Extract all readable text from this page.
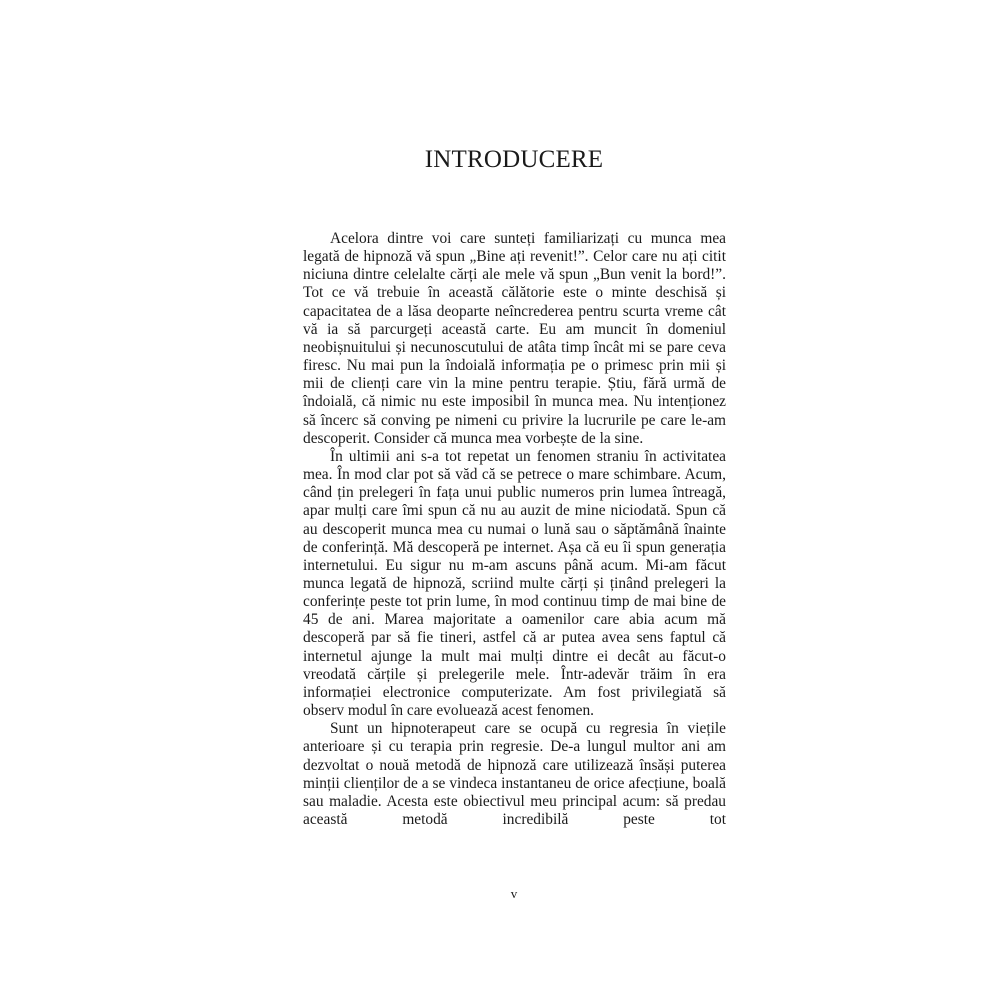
INTRODUCERE

Acelora dintre voi care sunteți familiarizați cu munca mea legată de hipnoză vă spun „Bine ați revenit!”. Celor care nu ați citit niciuna dintre celelalte cărți ale mele vă spun „Bun venit la bord!”. Tot ce vă trebuie în această călătorie este o minte deschisă și capacitatea de a lăsa deoparte neîncrederea pentru scurta vreme cât vă ia să parcurgeți această carte. Eu am muncit în domeniul neobișnuitului și necunoscutului de atâta timp încât mi se pare ceva firesc. Nu mai pun la îndoială informația pe o primesc prin mii și mii de clienți care vin la mine pentru terapie. Știu, fără urmă de îndoială, că nimic nu este imposibil în munca mea. Nu intenționez să încerc să conving pe nimeni cu privire la lucrurile pe care le-am descoperit. Consider că munca mea vorbește de la sine.

În ultimii ani s-a tot repetat un fenomen straniu în activitatea mea. În mod clar pot să văd că se petrece o mare schimbare. Acum, când țin prelegeri în fața unui public numeros prin lumea întreagă, apar mulți care îmi spun că nu au auzit de mine niciodată. Spun că au descoperit munca mea cu numai o lună sau o săptămână înainte de conferință. Mă descoperă pe internet. Așa că eu îi spun generația internetului. Eu sigur nu m-am ascuns până acum. Mi-am făcut munca legată de hipnoză, scriind multe cărți și ținând prelegeri la conferințe peste tot prin lume, în mod continuu timp de mai bine de 45 de ani. Marea majoritate a oamenilor care abia acum mă descoperă par să fie tineri, astfel că ar putea avea sens faptul că internetul ajunge la mult mai mulți dintre ei decât au făcut-o vreodată cărțile și prelegerile mele. Într-adevăr trăim în era informației electronice computerizate. Am fost privilegiată să observ modul în care evoluează acest fenomen.

Sunt un hipnoterapeut care se ocupă cu regresia în viețile anterioare și cu terapia prin regresie. De-a lungul multor ani am dezvoltat o nouă metodă de hipnoză care utilizează însăși puterea minții clienților de a se vindeca instantaneu de orice afecțiune, boală sau maladie. Acesta este obiectivul meu principal acum: să predau această metodă incredibilă peste tot

v
